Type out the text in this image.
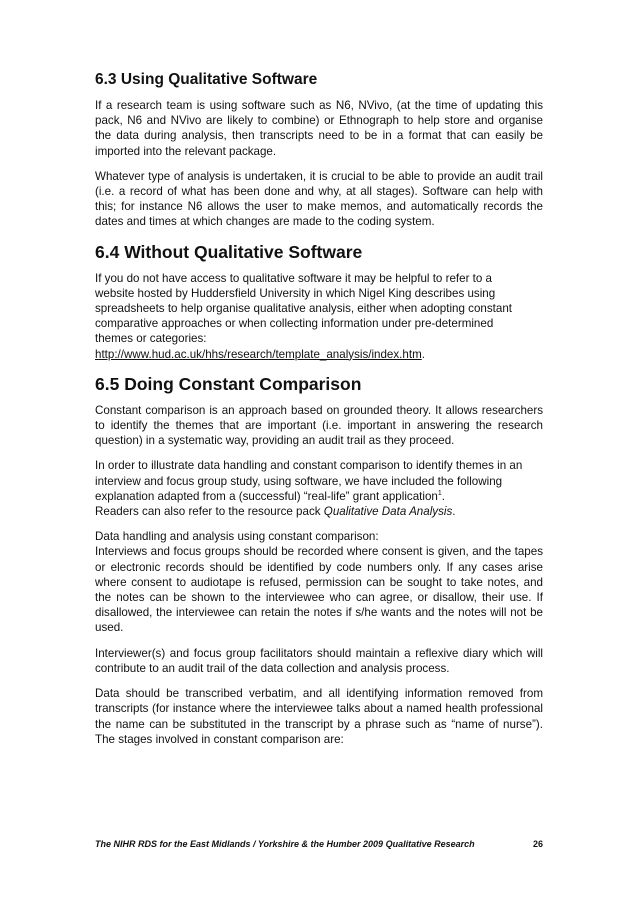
6.3 Using Qualitative Software

If a research team is using software such as N6, NVivo, (at the time of updating this pack, N6 and NVivo are likely to combine) or Ethnograph to help store and organise the data during analysis, then transcripts need to be in a format that can easily be imported into the relevant package.

Whatever type of analysis is undertaken, it is crucial to be able to provide an audit trail (i.e. a record of what has been done and why, at all stages). Software can help with this; for instance N6 allows the user to make memos, and automatically records the dates and times at which changes are made to the coding system.

6.4 Without Qualitative Software

If you do not have access to qualitative software it may be helpful to refer to a
website hosted by Huddersfield University in which Nigel King describes using
spreadsheets to help organise qualitative analysis, either when adopting constant
comparative approaches or when collecting information under pre-determined
themes or categories:
http://www.hud.ac.uk/hhs/research/template_analysis/index.htm.

6.5 Doing Constant Comparison

Constant comparison is an approach based on grounded theory. It allows researchers to identify the themes that are important (i.e. important in answering the research question) in a systematic way, providing an audit trail as they proceed.

In order to illustrate data handling and constant comparison to identify themes in an interview and focus group study, using software, we have included the following explanation adapted from a (successful) “real-life” grant application$^1$.
Readers can also refer to the resource pack Qualitative Data Analysis.

Data handling and analysis using constant comparison:
Interviews and focus groups should be recorded where consent is given, and the tapes or electronic records should be identified by code numbers only. If any cases arise where consent to audiotape is refused, permission can be sought to take notes, and the notes can be shown to the interviewee who can agree, or disallow, their use. If disallowed, the interviewee can retain the notes if s/he wants and the notes will not be used.

Interviewer(s) and focus group facilitators should maintain a reflexive diary which will contribute to an audit trail of the data collection and analysis process.

Data should be transcribed verbatim, and all identifying information removed from transcripts (for instance where the interviewee talks about a named health professional the name can be substituted in the transcript by a phrase such as “name of nurse”). The stages involved in constant comparison are:

The NIHR RDS for the East Midlands / Yorkshire & the Humber 2009 Qualitative Research	26
